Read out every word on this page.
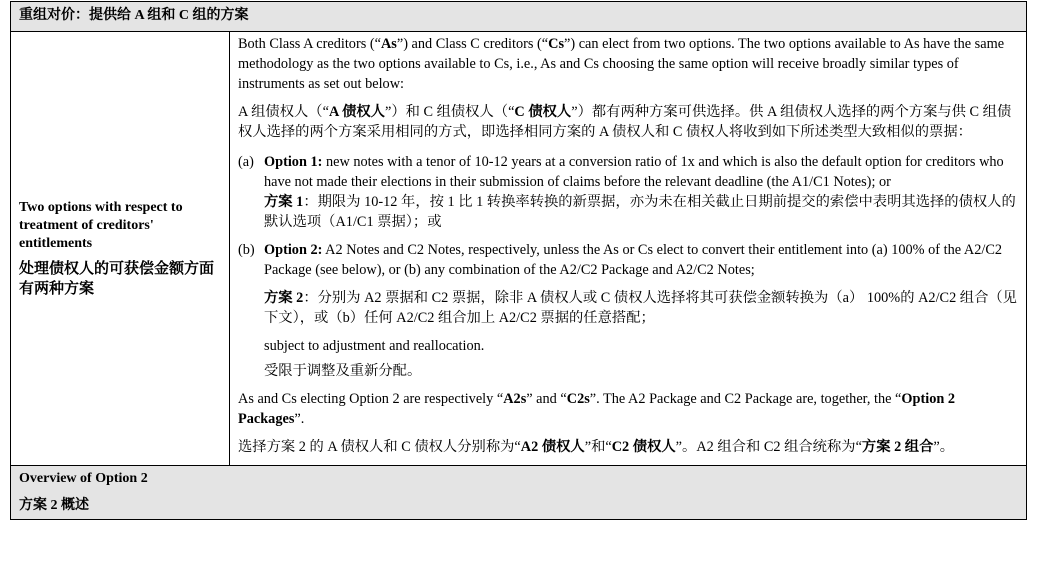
重组对价：提供给 A 组和 C 组的方案
Two options with respect to treatment of creditors' entitlements
处理债权人的可获偿金额方面有两种方案

Both Class A creditors (“As”) and Class C creditors (“Cs”) can elect from two options. The two options available to As have the same methodology as the two options available to Cs, i.e., As and Cs choosing the same option will receive broadly similar types of instruments as set out below:

A 组债权人（“A 债权人”）和 C 组债权人（“C 债权人”）都有两种方案可供选择。供 A 组债权人选择的两个方案与供 C 组债权人选择的两个方案采用相同的方式，即选择相同方案的 A 债权人和 C 债权人将收到如下所述类型大致相似的票据：

(a) Option 1: new notes with a tenor of 10-12 years at a conversion ratio of 1x and which is also the default option for creditors who have not made their elections in their submission of claims before the relevant deadline (the A1/C1 Notes); or

方案 1：期限为 10-12 年，按 1 比 1 转换率转换的新票据，亦为未在相关截止日期前提交的索偿中表明其选择的债权人的默认选项（A1/C1 票据）；或

(b) Option 2: A2 Notes and C2 Notes, respectively, unless the As or Cs elect to convert their entitlement into (a) 100% of the A2/C2 Package (see below), or (b) any combination of the A2/C2 Package and A2/C2 Notes;

方案 2：分别为 A2 票据和 C2 票据，除非 A 债权人或 C 债权人选择将其可获偿金额转换为（a） 100%的 A2/C2 组合（见下文），或（b）任何 A2/C2 组合加上 A2/C2 票据的任意搭配；

subject to adjustment and reallocation.

受限于调整及重新分配。

As and Cs electing Option 2 are respectively “A2s” and “C2s”. The A2 Package and C2 Package are, together, the “Option 2 Packages”.

选择方案 2 的 A 债权人和 C 债权人分别称为“A2 债权人”和“C2 债权人”。A2 组合和 C2 组合统称为“方案 2 组合”。

Overview of Option 2
方案 2 概述
